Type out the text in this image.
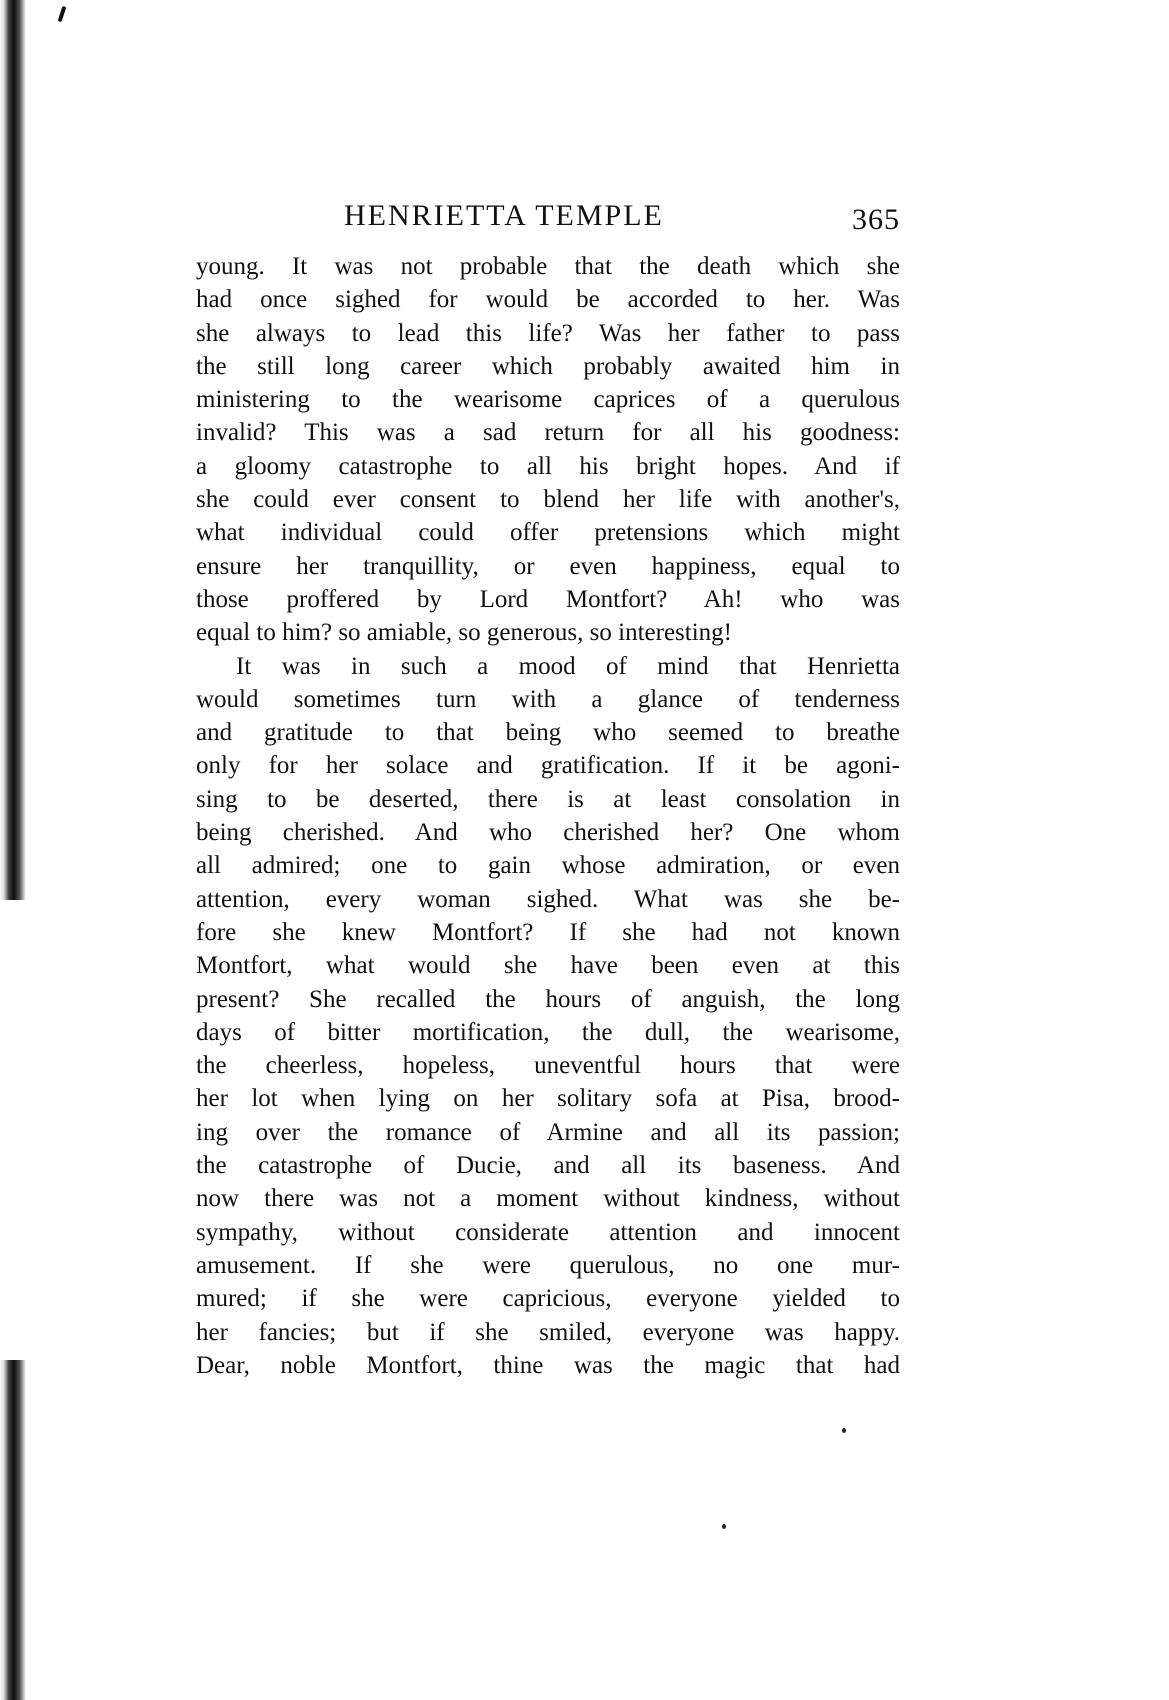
HENRIETTA TEMPLE	365
young. It was not probable that the death which she
had once sighed for would be accorded to her. Was
she always to lead this life? Was her father to pass
the still long career which probably awaited him in
ministering to the wearisome caprices of a querulous
invalid? This was a sad return for all his goodness:
a gloomy catastrophe to all his bright hopes. And if
she could ever consent to blend her life with another's,
what individual could offer pretensions which might
ensure her tranquillity, or even happiness, equal to
those proffered by Lord Montfort? Ah! who was
equal to him? so amiable, so generous, so interesting!
It was in such a mood of mind that Henrietta
would sometimes turn with a glance of tenderness
and gratitude to that being who seemed to breathe
only for her solace and gratification. If it be agoni-
sing to be deserted, there is at least consolation in
being cherished. And who cherished her? One whom
all admired; one to gain whose admiration, or even
attention, every woman sighed. What was she be-
fore she knew Montfort? If she had not known
Montfort, what would she have been even at this
present? She recalled the hours of anguish, the long
days of bitter mortification, the dull, the wearisome,
the cheerless, hopeless, uneventful hours that were
her lot when lying on her solitary sofa at Pisa, brood-
ing over the romance of Armine and all its passion;
the catastrophe of Ducie, and all its baseness. And
now there was not a moment without kindness, without
sympathy, without considerate attention and innocent
amusement. If she were querulous, no one mur-
mured; if she were capricious, everyone yielded to
her fancies; but if she smiled, everyone was happy.
Dear, noble Montfort, thine was the magic that had
